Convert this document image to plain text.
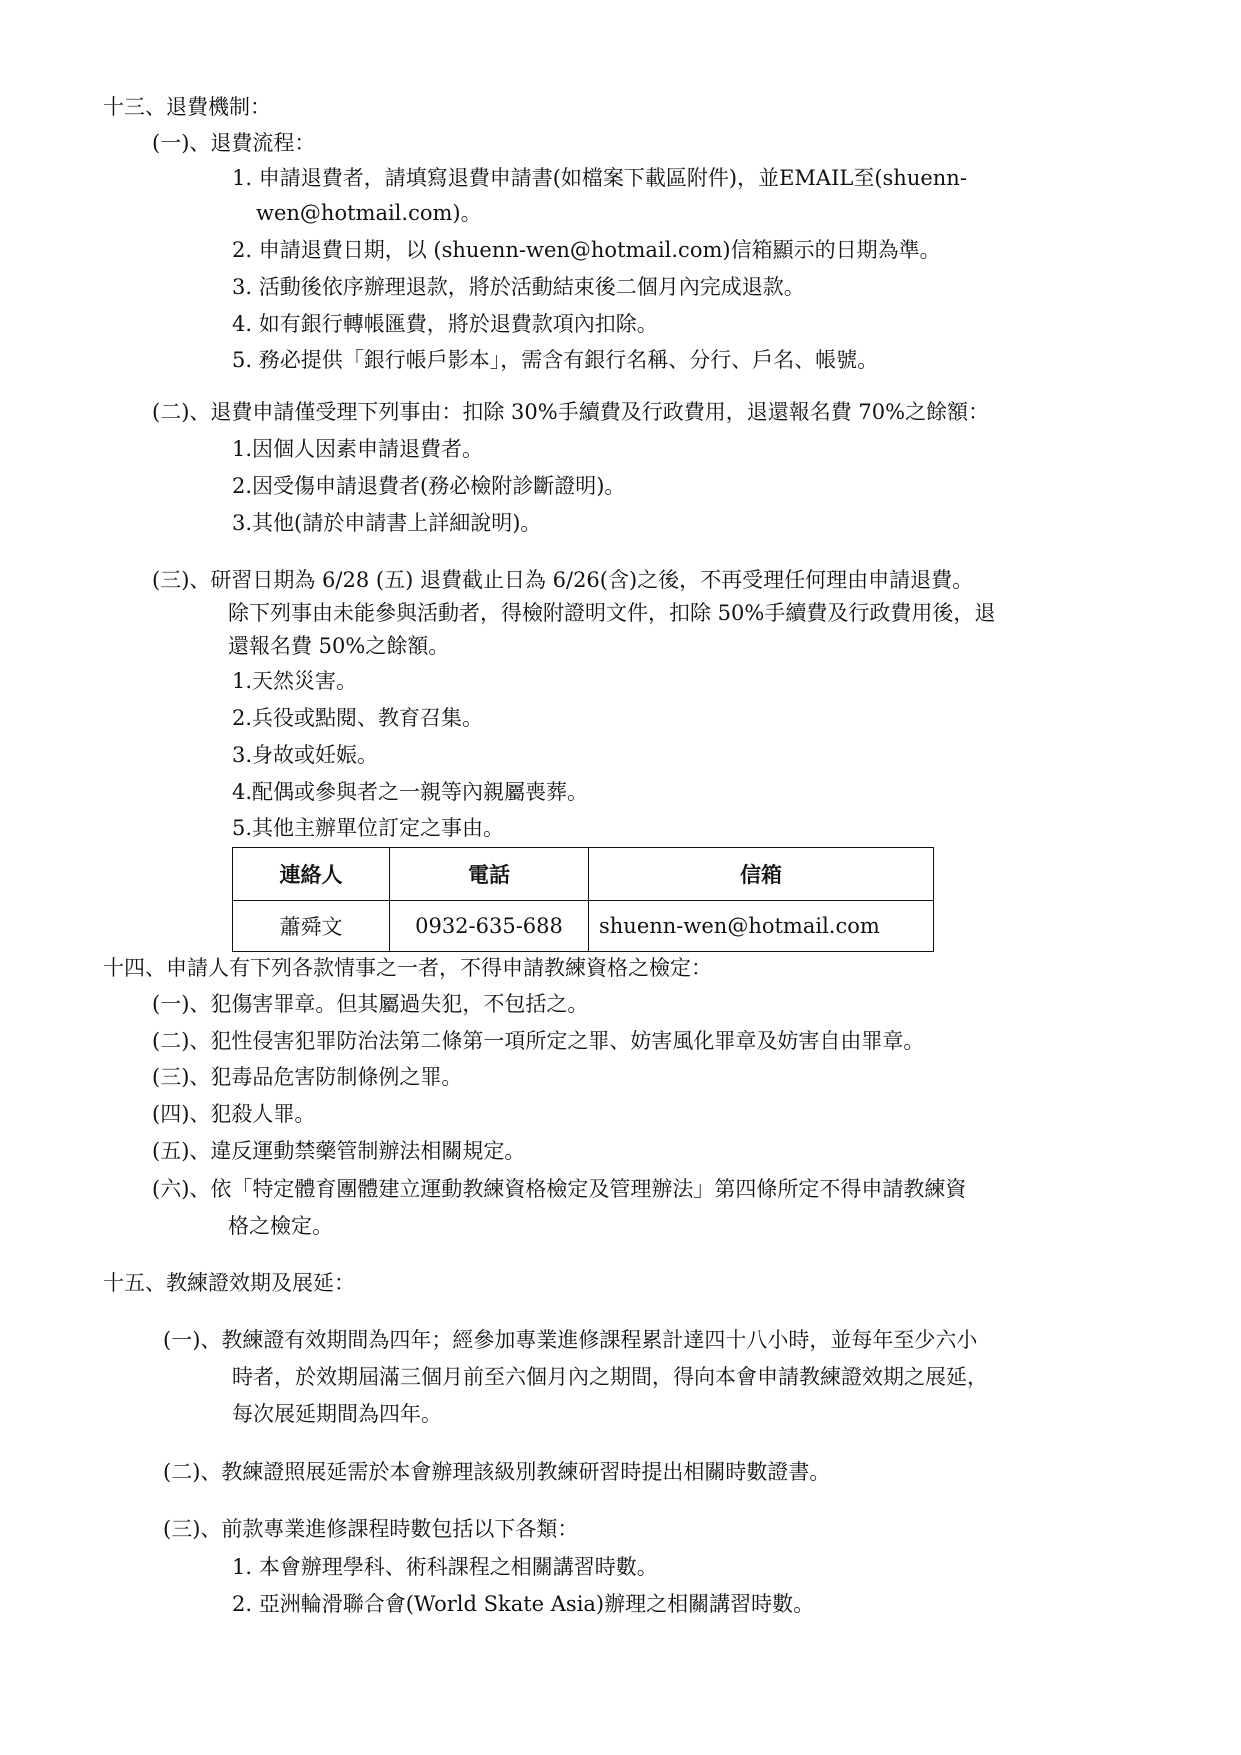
十三、退費機制：
(一)、退費流程：
1. 申請退費者，請填寫退費申請書(如檔案下載區附件)，並EMAIL至(shuenn-
wen@hotmail.com)。
2. 申請退費日期，以 (shuenn-wen@hotmail.com)信箱顯示的日期為準。
3. 活動後依序辦理退款，將於活動結束後二個月內完成退款。
4. 如有銀行轉帳匯費，將於退費款項內扣除。
5. 務必提供「銀行帳戶影本」，需含有銀行名稱、分行、戶名、帳號。
(二)、退費申請僅受理下列事由：扣除 30%手續費及行政費用，退還報名費 70%之餘額：
1.因個人因素申請退費者。
2.因受傷申請退費者(務必檢附診斷證明)。
3.其他(請於申請書上詳細說明)。
(三)、研習日期為 6/28 (五) 退費截止日為 6/26(含)之後，不再受理任何理由申請退費。
除下列事由未能參與活動者，得檢附證明文件，扣除 50%手續費及行政費用後，退
還報名費 50%之餘額。
1.天然災害。
2.兵役或點閱、教育召集。
3.身故或妊娠。
4.配偶或參與者之一親等內親屬喪葬。
5.其他主辦單位訂定之事由。
連絡人	電話	信箱
蕭舜文	0932-635-688	shuenn-wen@hotmail.com
十四、申請人有下列各款情事之一者，不得申請教練資格之檢定：
(一)、犯傷害罪章。但其屬過失犯，不包括之。
(二)、犯性侵害犯罪防治法第二條第一項所定之罪、妨害風化罪章及妨害自由罪章。
(三)、犯毒品危害防制條例之罪。
(四)、犯殺人罪。
(五)、違反運動禁藥管制辦法相關規定。
(六)、依「特定體育團體建立運動教練資格檢定及管理辦法」第四條所定不得申請教練資
格之檢定。
十五、教練證效期及展延：
(一)、教練證有效期間為四年；經參加專業進修課程累計達四十八小時，並每年至少六小
時者，於效期屆滿三個月前至六個月內之期間，得向本會申請教練證效期之展延，
每次展延期間為四年。
(二)、教練證照展延需於本會辦理該級別教練研習時提出相關時數證書。
(三)、前款專業進修課程時數包括以下各類：
1. 本會辦理學科、術科課程之相關講習時數。
2. 亞洲輪滑聯合會(World Skate Asia)辦理之相關講習時數。
